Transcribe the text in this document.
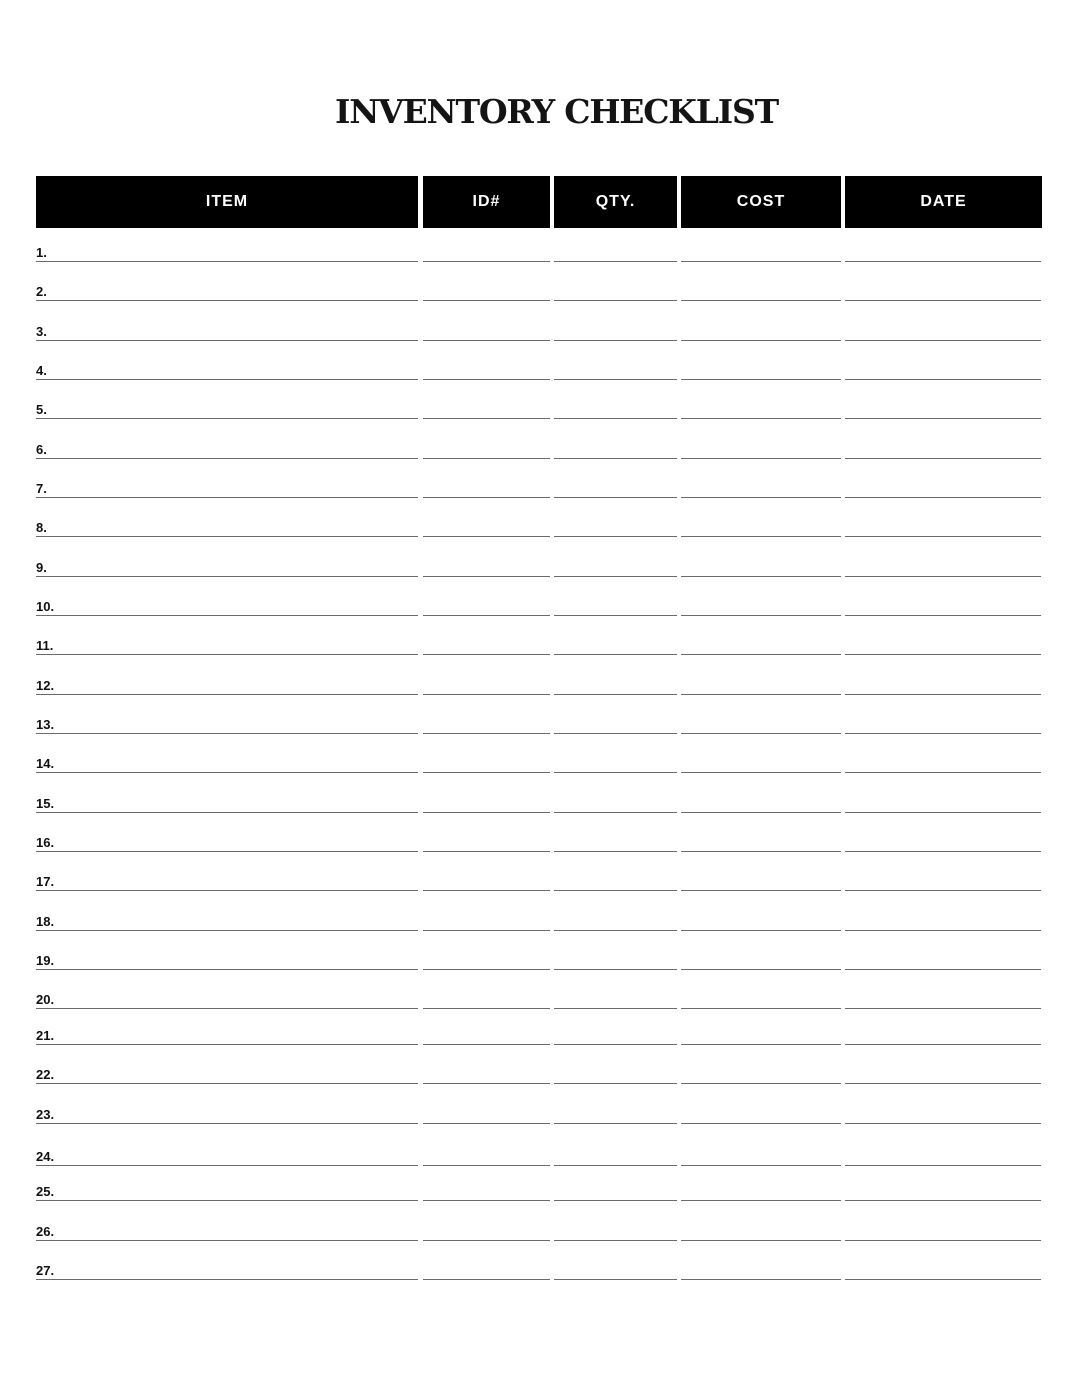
INVENTORY CHECKLIST
ITEM	ID#	QTY.	COST	DATE
1.
2.
3.
4.
5.
6.
7.
8.
9.
10.
11.
12.
13.
14.
15.
16.
17.
18.
19.
20.
21.
22.
23.
24.
25.
26.
27.
